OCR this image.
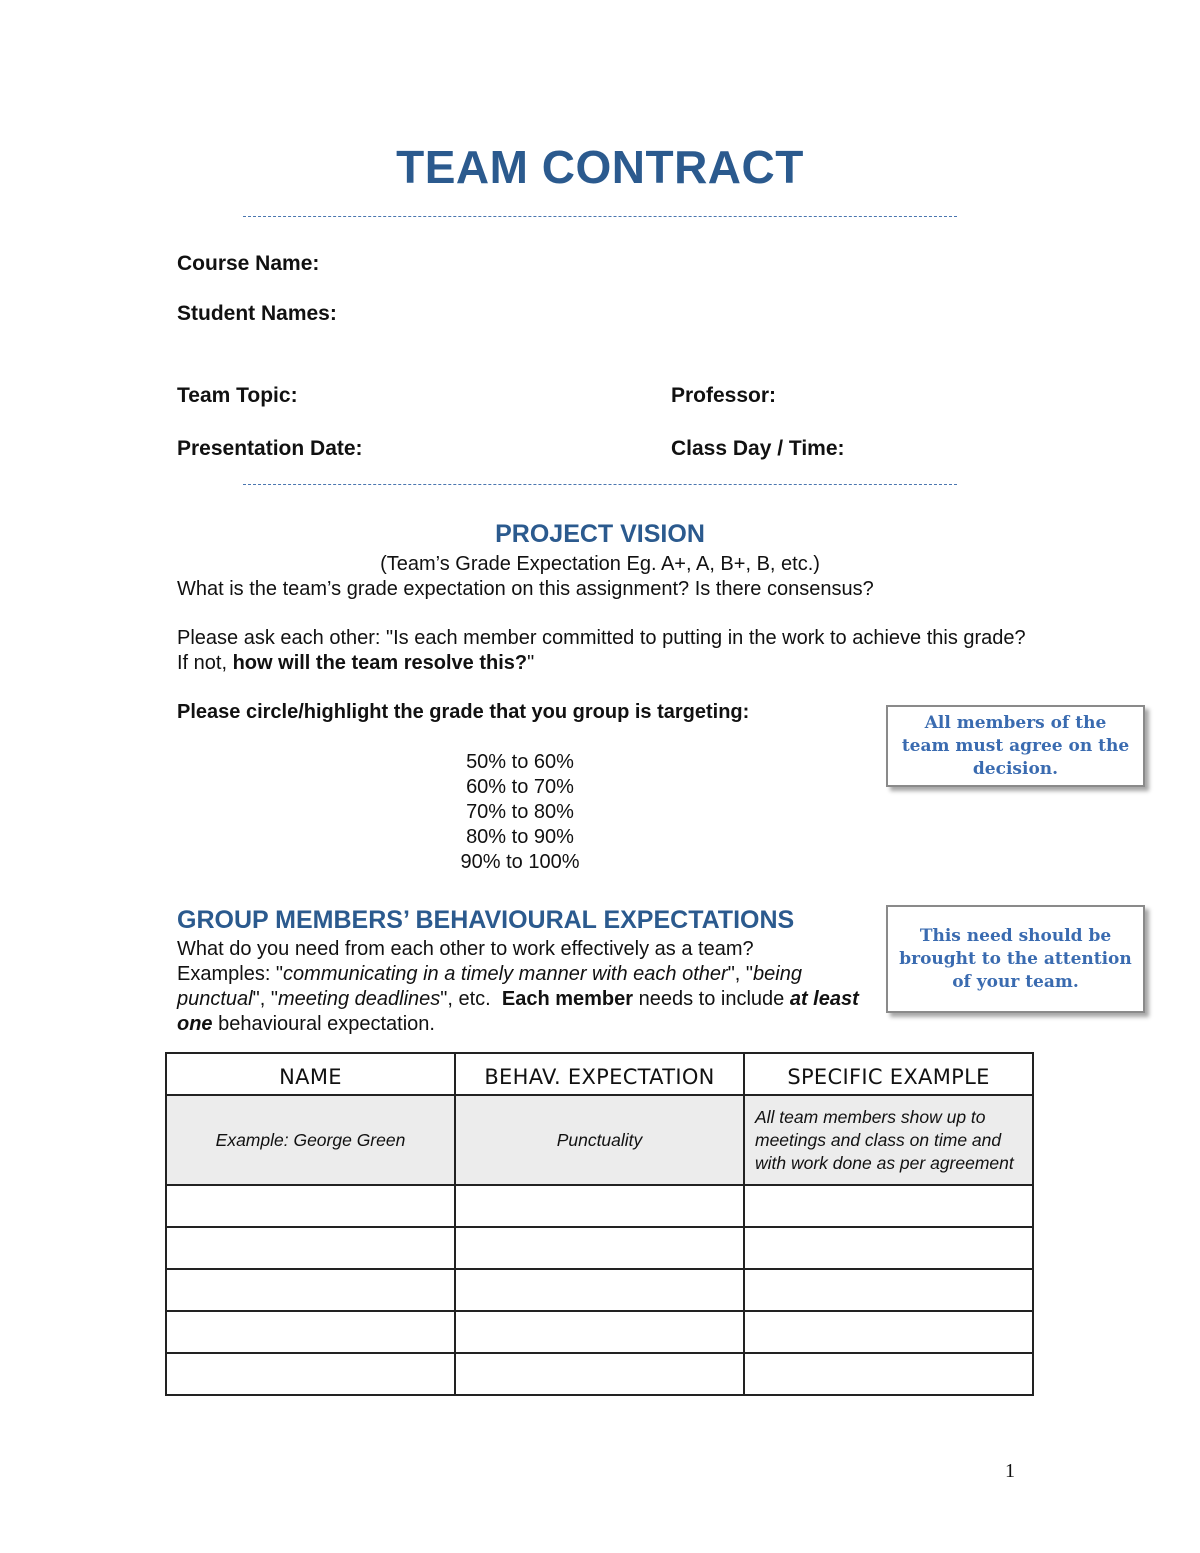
TEAM CONTRACT
Course Name:
Student Names:
Team Topic:	Professor:
Presentation Date:	Class Day / Time:
PROJECT VISION
(Team’s Grade Expectation Eg. A+, A, B+, B, etc.)
What is the team’s grade expectation on this assignment? Is there consensus?
Please ask each other: "Is each member committed to putting in the work to achieve this grade? If not, how will the team resolve this?"
Please circle/highlight the grade that you group is targeting:
50% to 60%
60% to 70%
70% to 80%
80% to 90%
90% to 100%
All members of the team must agree on the decision.
GROUP MEMBERS’ BEHAVIOURAL EXPECTATIONS
What do you need from each other to work effectively as a team?
Examples: "communicating in a timely manner with each other", "being punctual", "meeting deadlines", etc. Each member needs to include at least one behavioural expectation.
This need should be brought to the attention of your team.
NAME	BEHAV. EXPECTATION	SPECIFIC EXAMPLE
Example: George Green	Punctuality	All team members show up to meetings and class on time and with work done as per agreement

1
